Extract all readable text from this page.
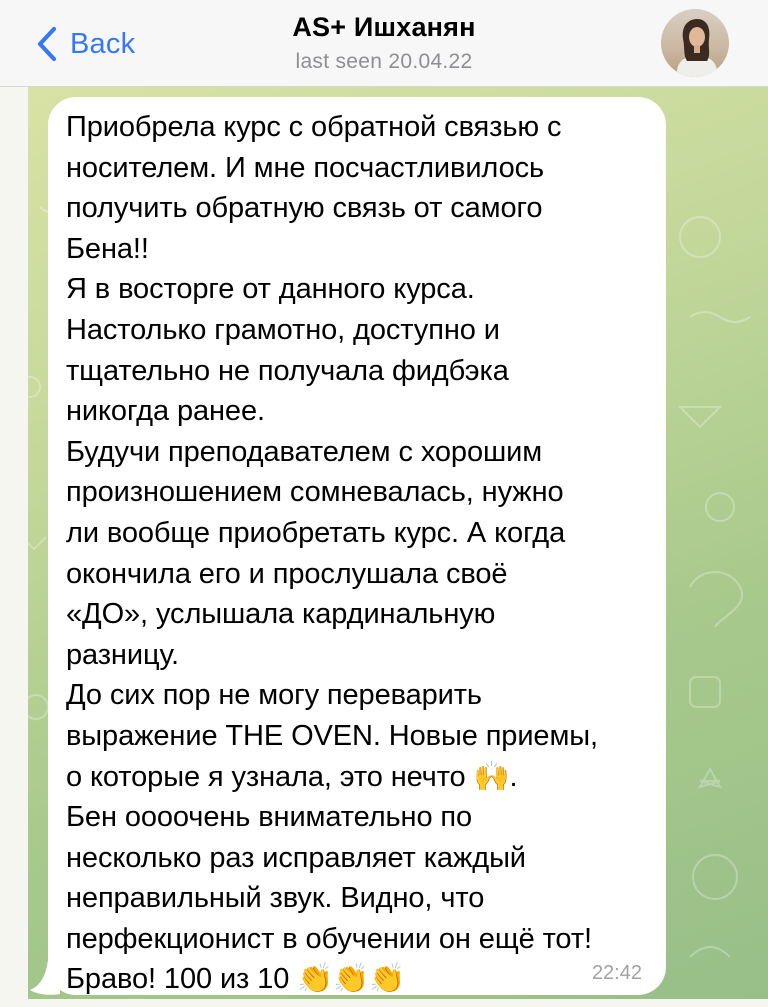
Back
AS+ Ишханян
last seen 20.04.22

Приобрела курс с обратной связью с
носителем. И мне посчастливилось
получить обратную связь от самого
Бена!!
Я в восторге от данного курса.
Настолько грамотно, доступно и
тщательно не получала фидбэка
никогда ранее.
Будучи преподавателем с хорошим
произношением сомневалась, нужно
ли вообще приобретать курс. А когда
окончила его и прослушала своё
«ДО», услышала кардинальную
разницу.
До сих пор не могу переварить
выражение THE OVEN. Новые приемы,
о которые я узнала, это нечто 🙌.
Бен оооочень внимательно по
несколько раз исправляет каждый
неправильный звук. Видно, что
перфекционист в обучении он ещё тот!
Браво! 100 из 10 👏👏👏	22:42
